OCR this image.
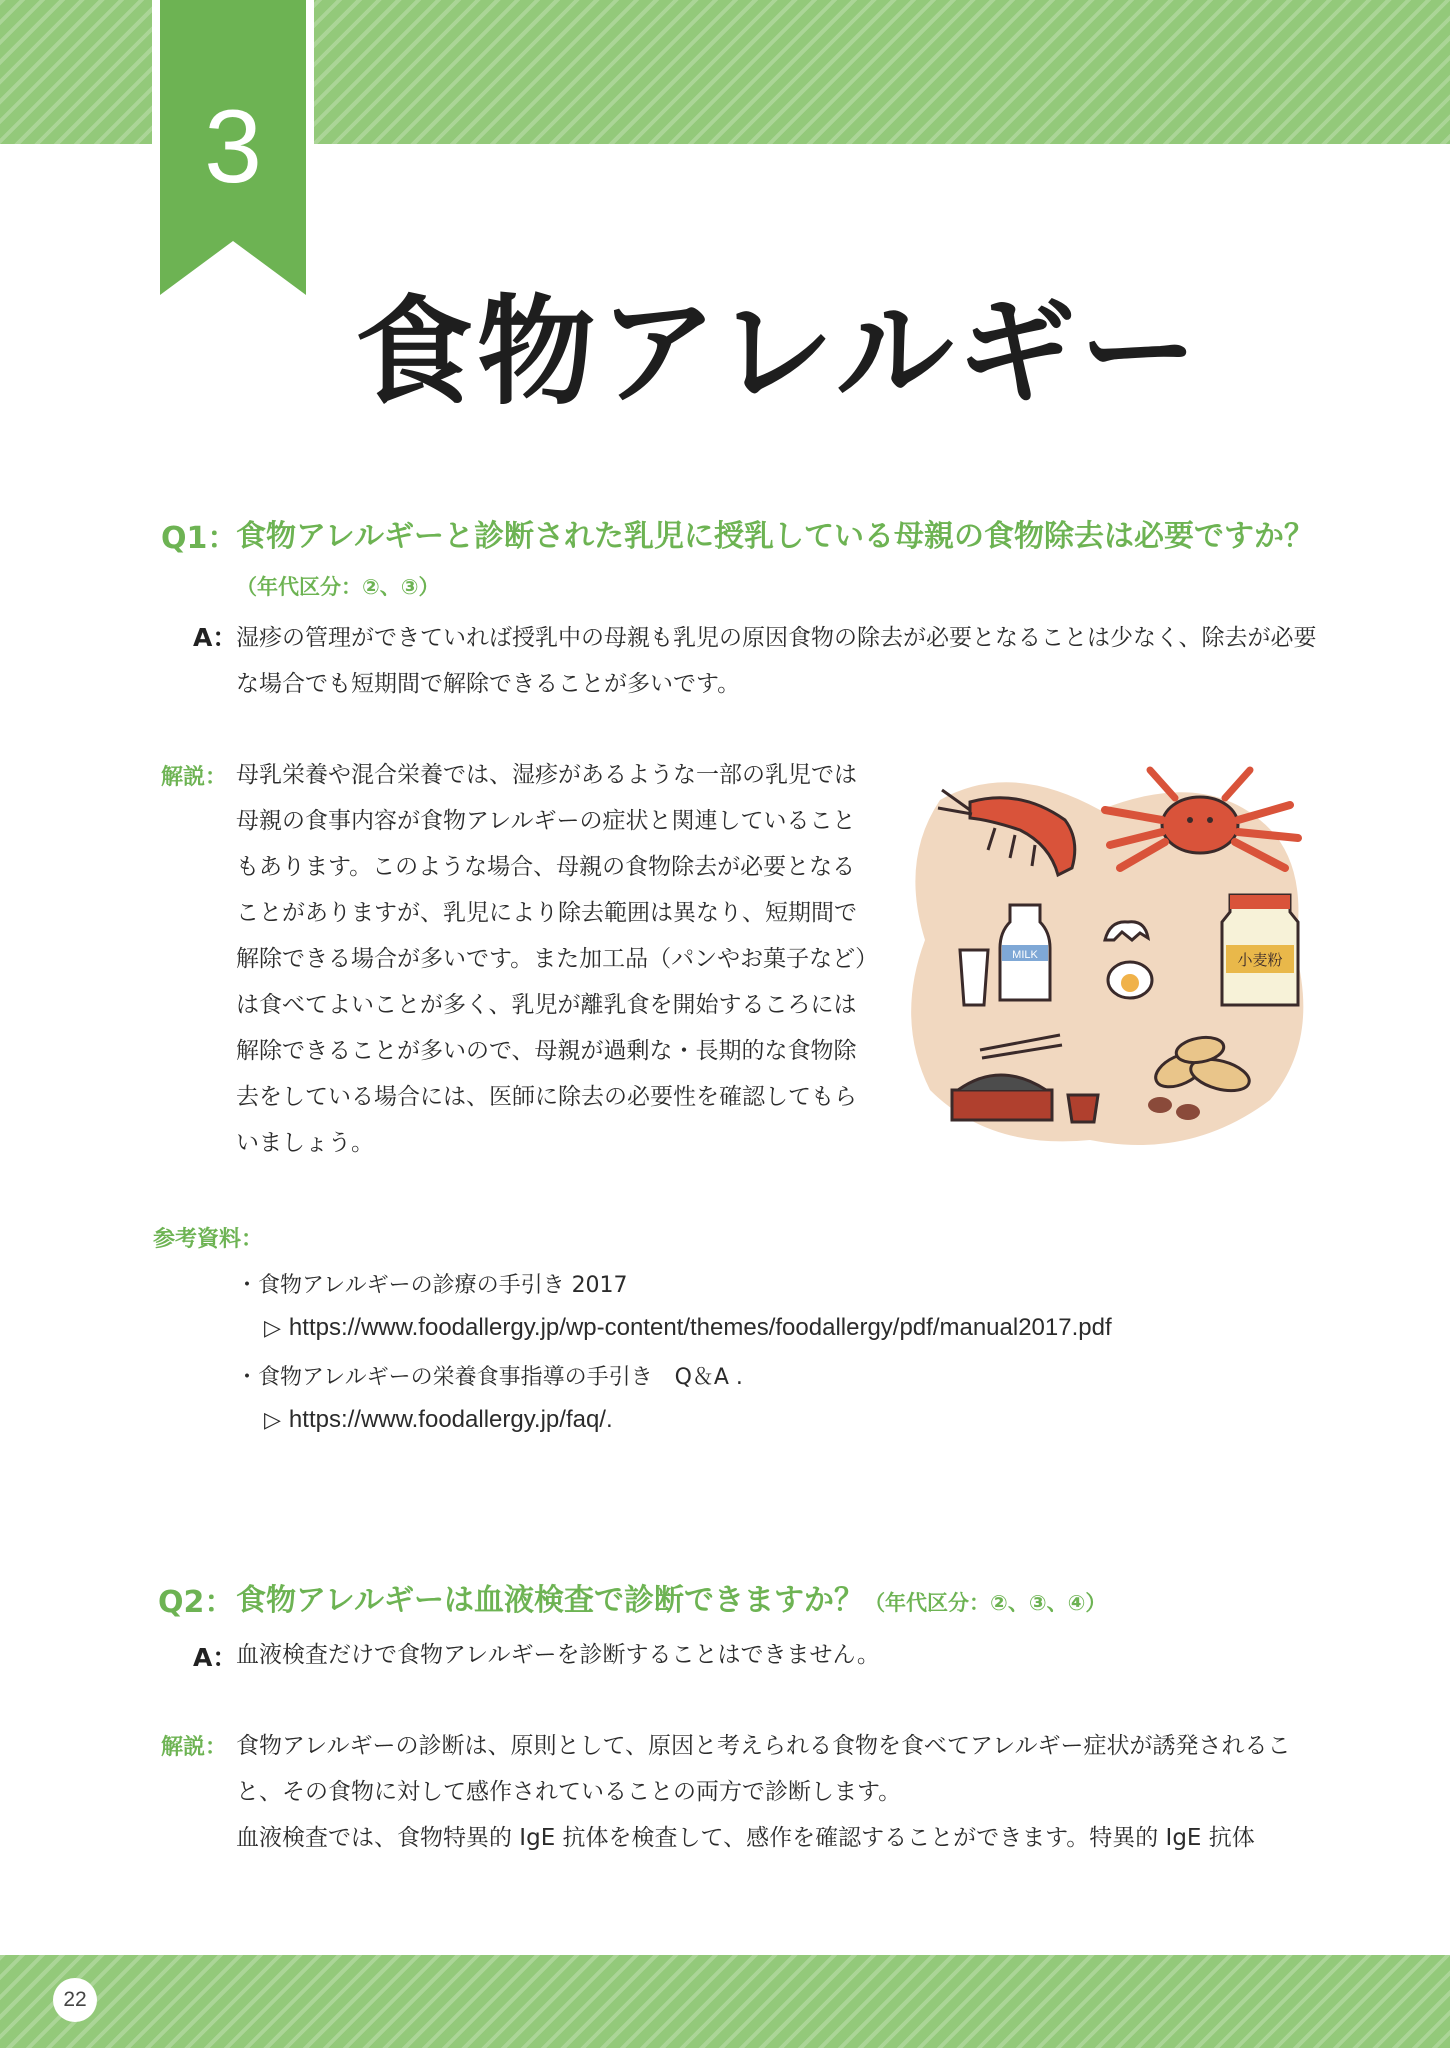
3
食物アレルギー
Q1：
食物アレルギーと診断された乳児に授乳している母親の食物除去は必要ですか？（年代区分：②、③）
A：
湿疹の管理ができていれば授乳中の母親も乳児の原因食物の除去が必要となることは少なく、除去が必要な場合でも短期間で解除できることが多いです。
解説： 母乳栄養や混合栄養では、湿疹があるような一部の乳児では母親の食事内容が食物アレルギーの症状と関連していることもあります。このような場合、母親の食物除去が必要となることがありますが、乳児により除去範囲は異なり、短期間で解除できる場合が多いです。また加工品（パンやお菓子など）は食べてよいことが多く、乳児が離乳食を開始するころには解除できることが多いので、母親が過剰な・長期的な食物除去をしている場合には、医師に除去の必要性を確認してもらいましょう。
MILK	小麦粉
参考資料：
・食物アレルギーの診療の手引き 2017
▷ https://www.foodallergy.jp/wp-content/themes/foodallergy/pdf/manual2017.pdf
・食物アレルギーの栄養食事指導の手引き　Q＆A .
▷ https://www.foodallergy.jp/faq/.
Q2： 食物アレルギーは血液検査で診断できますか？（年代区分：②、③、④）
A：
血液検査だけで食物アレルギーを診断することはできません。
解説： 食物アレルギーの診断は、原則として、原因と考えられる食物を食べてアレルギー症状が誘発されること、その食物に対して感作されていることの両方で診断します。
血液検査では、食物特異的 IgE 抗体を検査して、感作を確認することができます。特異的 IgE 抗体
22
